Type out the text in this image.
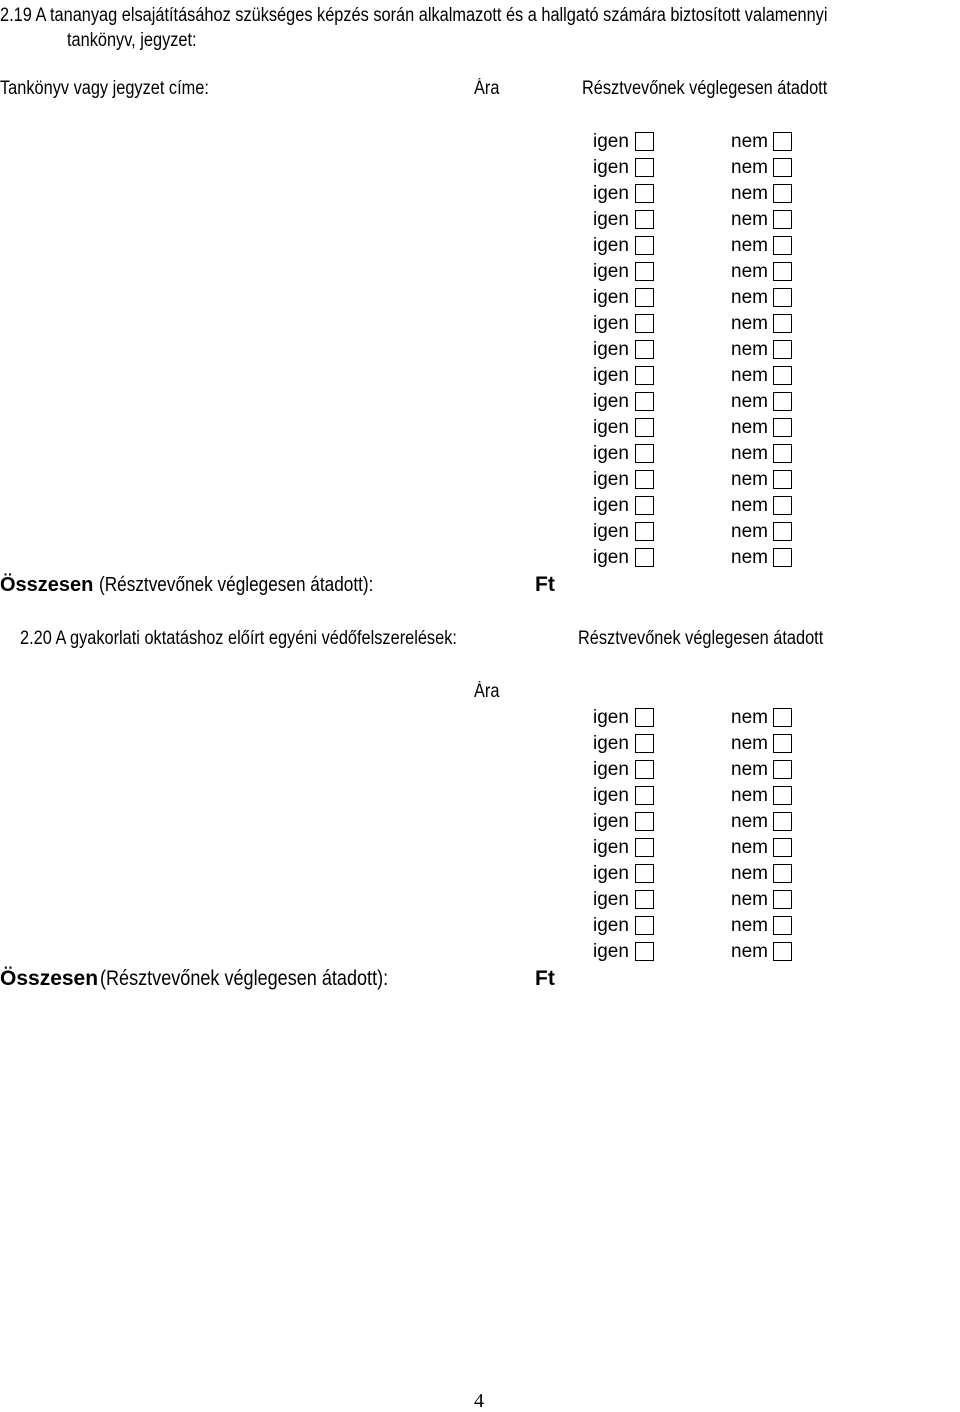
2.19 A tananyag elsajátításához szükséges képzés során alkalmazott és a hallgató számára biztosított valamennyi
tankönyv, jegyzet:
Tankönyv vagy jegyzet címe:	Ára	Résztvevőnek véglegesen átadott
igen	nem
igen	nem
igen	nem
igen	nem
igen	nem
igen	nem
igen	nem
igen	nem
igen	nem
igen	nem
igen	nem
igen	nem
igen	nem
igen	nem
igen	nem
igen	nem
igen	nem
Összesen (Résztvevőnek véglegesen átadott):	Ft
2.20 A gyakorlati oktatáshoz előírt egyéni védőfelszerelések:	Résztvevőnek véglegesen átadott
Ára
igen	nem
igen	nem
igen	nem
igen	nem
igen	nem
igen	nem
igen	nem
igen	nem
igen	nem
igen	nem
Összesen(Résztvevőnek véglegesen átadott):	Ft
4
